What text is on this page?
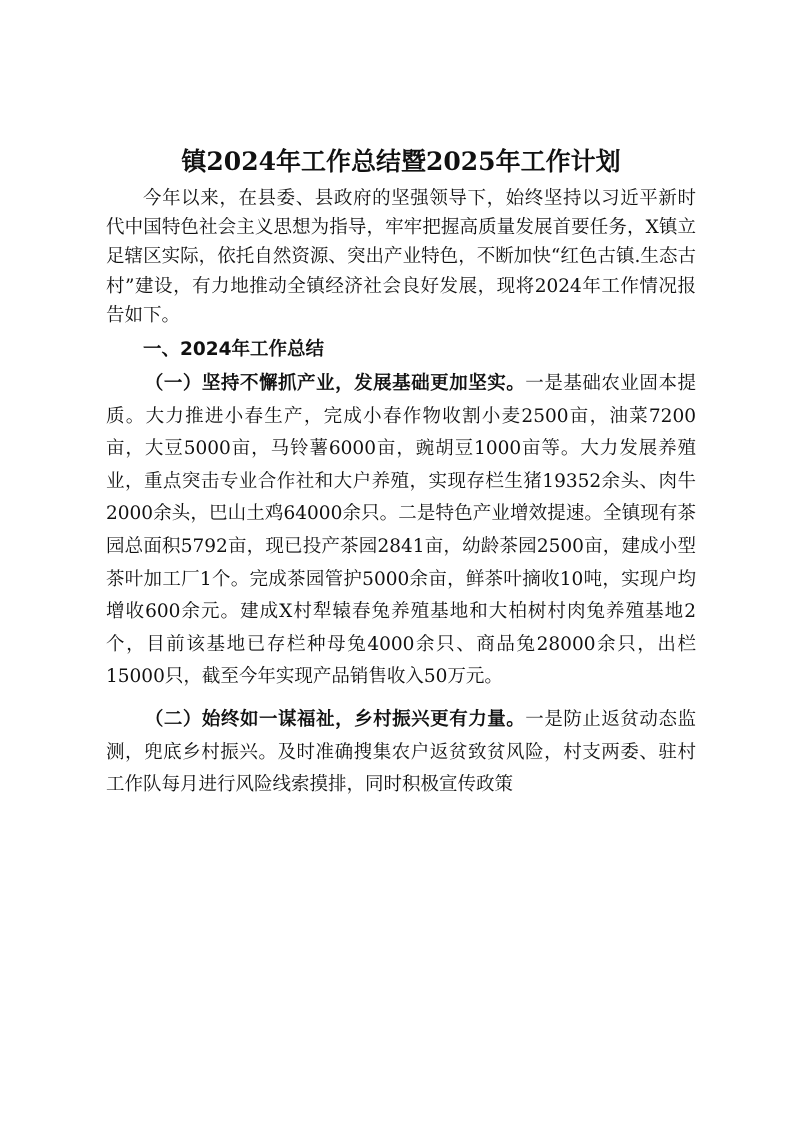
镇2024年工作总结暨2025年工作计划

今年以来，在县委、县政府的坚强领导下，始终坚持以习近平新时代中国特色社会主义思想为指导，牢牢把握高质量发展首要任务，X镇立足辖区实际，依托自然资源、突出产业特色，不断加快“红色古镇.生态古村”建设，有力地推动全镇经济社会良好发展，现将2024年工作情况报告如下。

一、2024年工作总结

（一）坚持不懈抓产业，发展基础更加坚实。一是基础农业固本提质。大力推进小春生产，完成小春作物收割小麦2500亩，油菜7200亩，大豆5000亩，马铃薯6000亩，豌胡豆1000亩等。大力发展养殖业，重点突击专业合作社和大户养殖，实现存栏生猪19352余头、肉牛2000余头，巴山土鸡64000余只。二是特色产业增效提速。全镇现有茶园总面积5792亩，现已投产茶园2841亩，幼龄茶园2500亩，建成小型茶叶加工厂1个。完成茶园管护5000余亩，鲜茶叶摘收10吨，实现户均增收600余元。建成X村犁辕春兔养殖基地和大柏树村肉兔养殖基地2个，目前该基地已存栏种母兔4000余只、商品兔28000余只，出栏15000只，截至今年实现产品销售收入50万元。

（二）始终如一谋福祉，乡村振兴更有力量。一是防止返贫动态监测，兜底乡村振兴。及时准确搜集农户返贫致贫风险，村支两委、驻村工作队每月进行风险线索摸排，同时积极宣传政策
